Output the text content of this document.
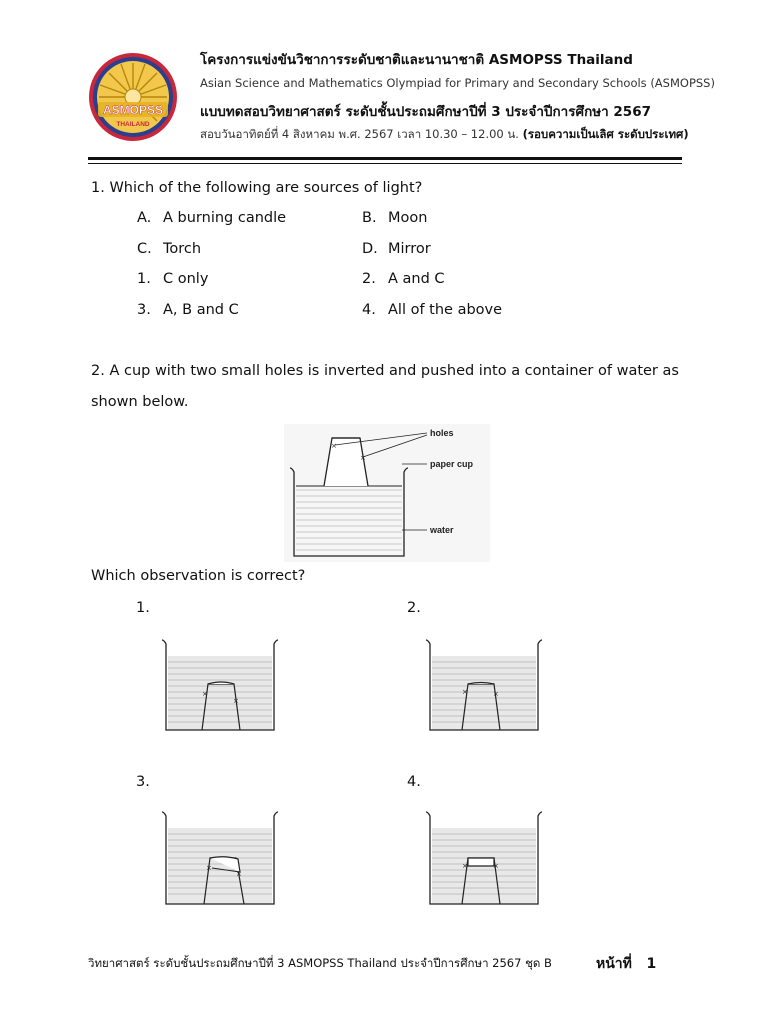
ASMOPSS
THAILAND
โครงการแข่งขันวิชาการระดับชาติและนานาชาติ ASMOPSS Thailand
Asian Science and Mathematics Olympiad for Primary and Secondary Schools (ASMOPSS)
แบบทดสอบวิทยาศาสตร์ ระดับชั้นประถมศึกษาปีที่ 3 ประจำปีการศึกษา 2567
สอบวันอาทิตย์ที่ 4 สิงหาคม พ.ศ. 2567 เวลา 10.30 – 12.00 น. (รอบความเป็นเลิศ ระดับประเทศ)
1. Which of the following are sources of light?
A. A burning candle	B. Moon
C. Torch	D. Mirror
1. C only	2. A and C
3. A, B and C	4. All of the above
2. A cup with two small holes is inverted and pushed into a container of water as
shown below.
×
×
holes
paper cup
water
Which observation is correct?
1.	2.
3.	4.
×
×
×	×
×
×
×	×
วิทยาศาสตร์ ระดับชั้นประถมศึกษาปีที่ 3 ASMOPSS Thailand ประจำปีการศึกษา 2567 ชุด B	หน้าที่ 1
